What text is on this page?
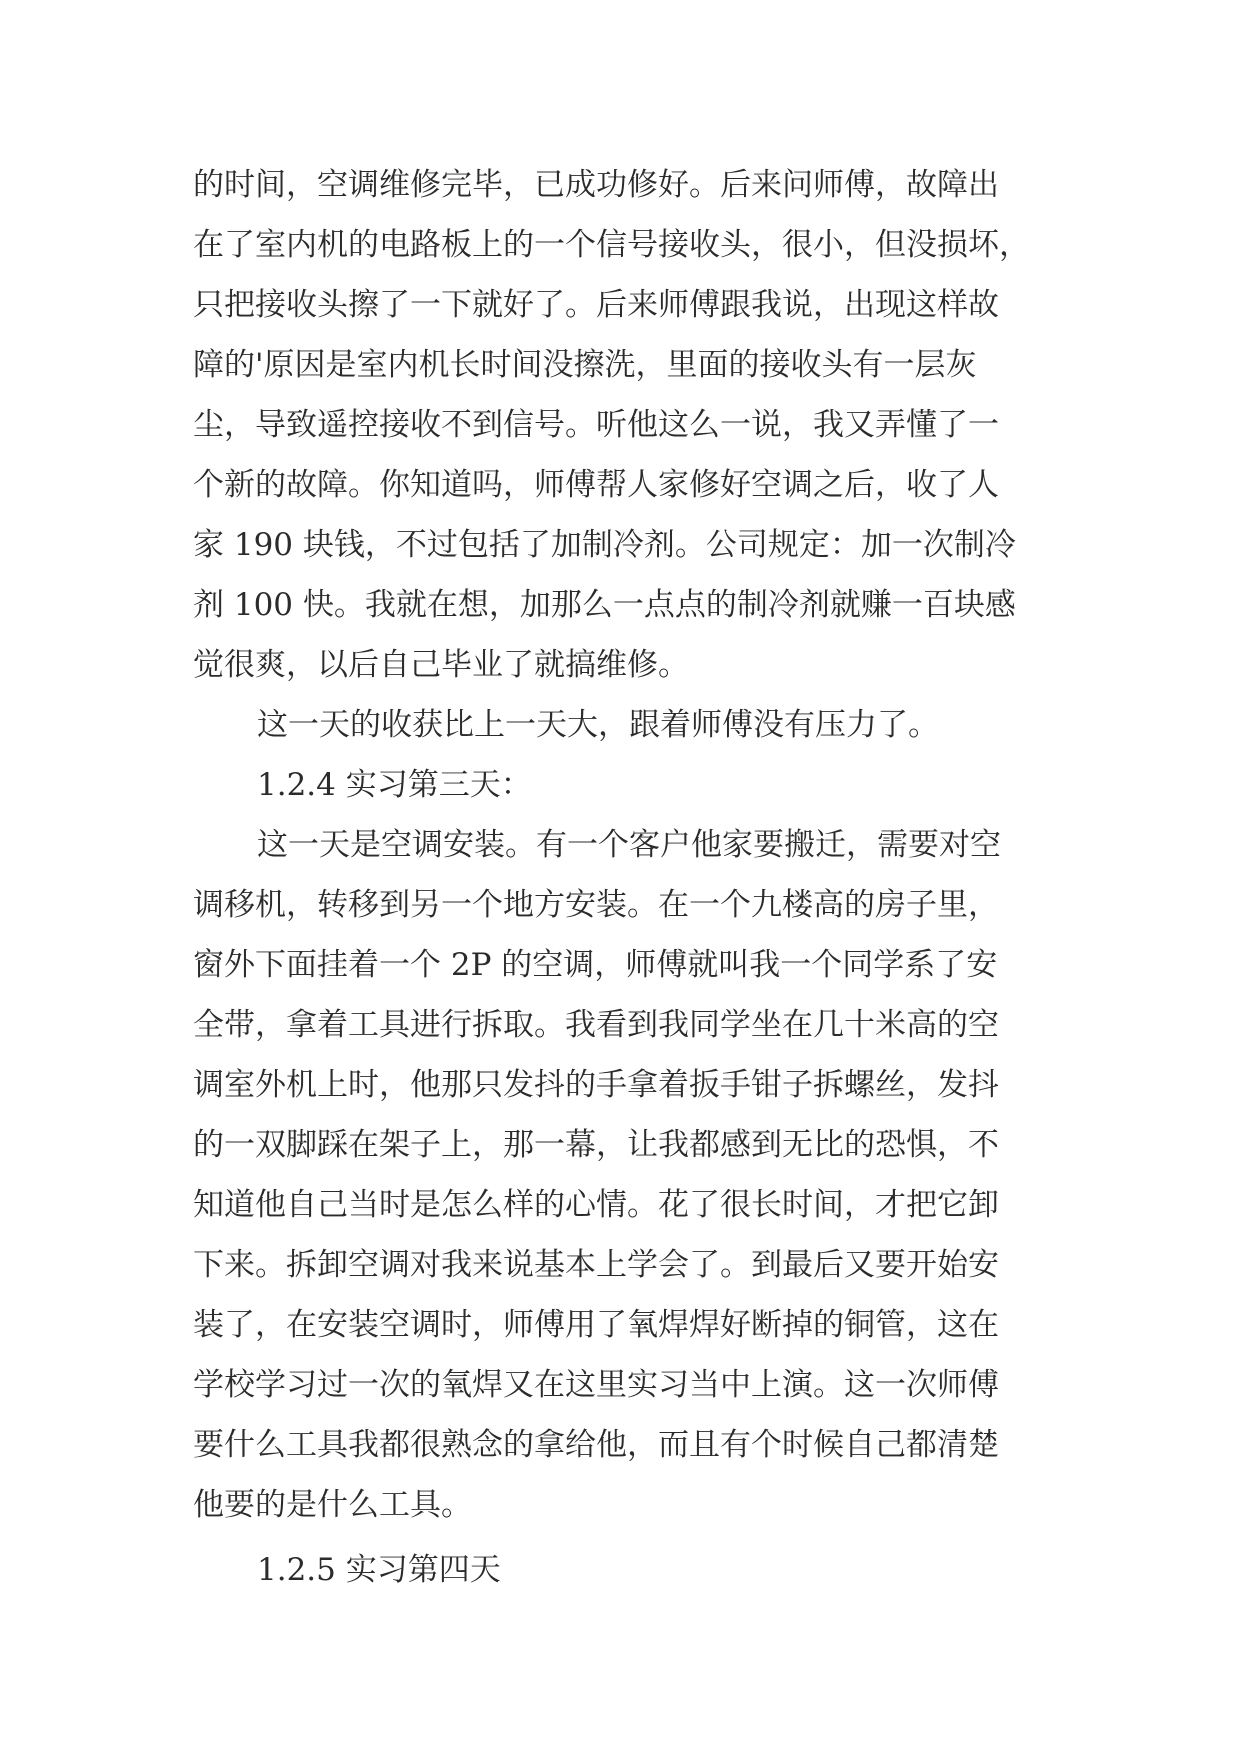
的时间，空调维修完毕，已成功修好。后来问师傅，故障出
在了室内机的电路板上的一个信号接收头，很小，但没损坏，
只把接收头擦了一下就好了。后来师傅跟我说，出现这样故
障的'原因是室内机长时间没擦洗，里面的接收头有一层灰
尘，导致遥控接收不到信号。听他这么一说，我又弄懂了一
个新的故障。你知道吗，师傅帮人家修好空调之后，收了人
家 190 块钱，不过包括了加制冷剂。公司规定：加一次制冷
剂 100 快。我就在想，加那么一点点的制冷剂就赚一百块感
觉很爽，以后自己毕业了就搞维修。
这一天的收获比上一天大，跟着师傅没有压力了。
1.2.4 实习第三天：
这一天是空调安装。有一个客户他家要搬迁，需要对空
调移机，转移到另一个地方安装。在一个九楼高的房子里，
窗外下面挂着一个 2P 的空调，师傅就叫我一个同学系了安
全带，拿着工具进行拆取。我看到我同学坐在几十米高的空
调室外机上时，他那只发抖的手拿着扳手钳子拆螺丝，发抖
的一双脚踩在架子上，那一幕，让我都感到无比的恐惧，不
知道他自己当时是怎么样的心情。花了很长时间，才把它卸
下来。拆卸空调对我来说基本上学会了。到最后又要开始安
装了，在安装空调时，师傅用了氧焊焊好断掉的铜管，这在
学校学习过一次的氧焊又在这里实习当中上演。这一次师傅
要什么工具我都很熟念的拿给他，而且有个时候自己都清楚
他要的是什么工具。
1.2.5 实习第四天
